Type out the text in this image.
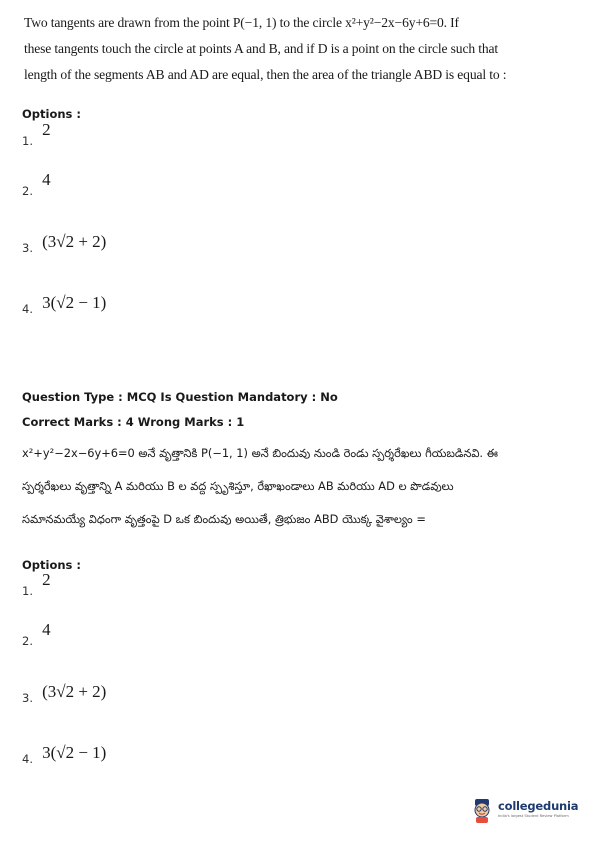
Two tangents are drawn from the point P(−1, 1) to the circle x²+y²−2x−6y+6=0. If
these tangents touch the circle at points A and B, and if D is a point on the circle such that
length of the segments AB and AD are equal, then the area of the triangle ABD is equal to :
Options :
1. 2
2. 4
3. (3√2 + 2)
4. 3(√2 − 1)
Question Type : MCQ Is Question Mandatory : No
Correct Marks : 4 Wrong Marks : 1
x²+y²−2x−6y+6=0 అనే వృత్తానికి P(−1, 1) అనే బిందువు నుండి రెండు స్పర్శరేఖలు గీయబడినవి. ఈ
స్పర్శరేఖలు వృత్తాన్ని A మరియు B ల వద్ద స్పృశిస్తూ, రేఖాఖండాలు AB మరియు AD ల పొడవులు
సమానమయ్యే విధంగా వృత్తంపై D ఒక బిందువు అయితే, త్రిభుజం ABD యొక్క వైశాల్యం =
Options :
1. 2
2. 4
3. (3√2 + 2)
4. 3(√2 − 1)
collegedunia
India's largest Student Review Platform
